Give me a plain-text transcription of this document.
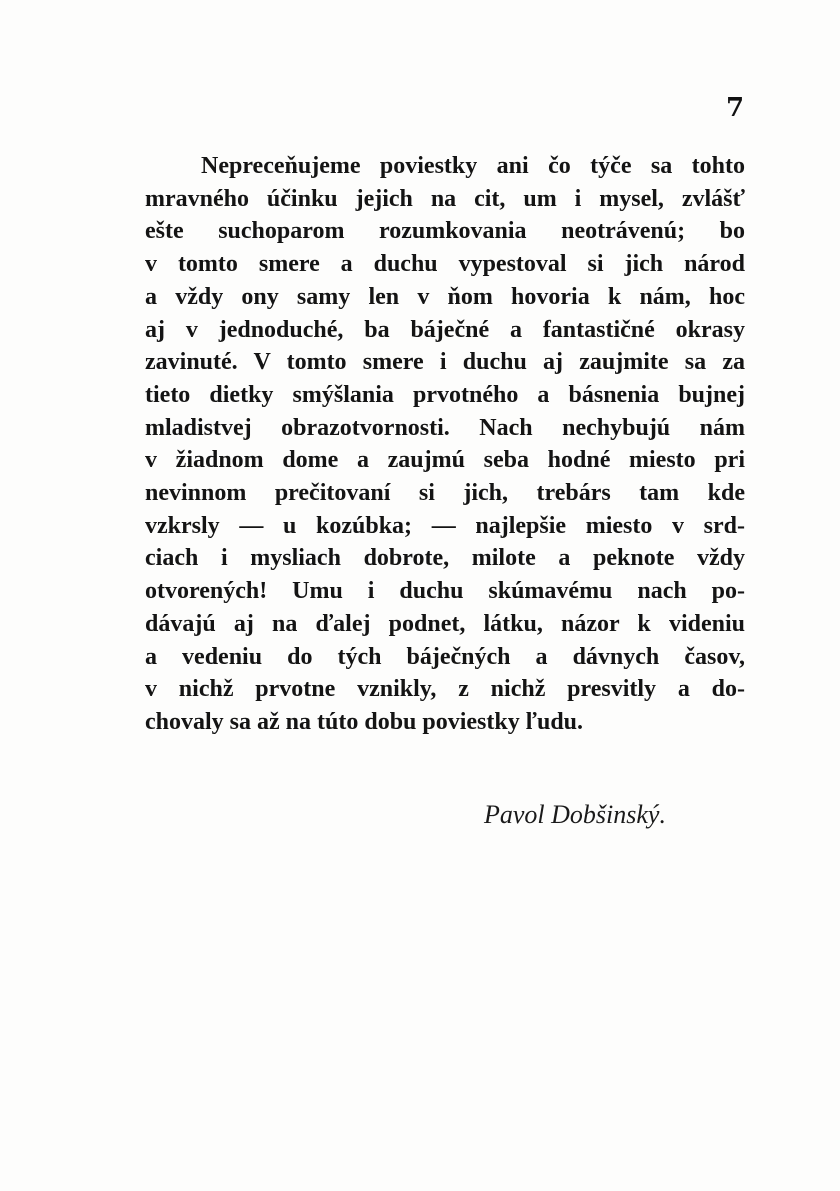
7
Nepreceňujeme poviestky ani čo týče sa tohto
mravného účinku jejich na cit, um i mysel, zvlášť
ešte suchoparom rozumkovania neotrávenú; bo
v tomto smere a duchu vypestoval si jich národ
a vždy ony samy len v ňom hovoria k nám, hoc
aj v jednoduché, ba báječné a fantastičné okrasy
zavinuté. V tomto smere i duchu aj zaujmite sa za
tieto dietky smýšlania prvotného a básnenia bujnej
mladistvej obrazotvornosti. Nach nechybujú nám
v žiadnom dome a zaujmú seba hodné miesto pri
nevinnom prečitovaní si jich, trebárs tam kde
vzkrsly — u kozúbka; — najlepšie miesto v srd-
ciach i mysliach dobrote, milote a peknote vždy
otvorených! Umu i duchu skúmavému nach po-
dávajú aj na ďalej podnet, látku, názor k videniu
a vedeniu do tých báječných a dávnych časov,
v nichž prvotne vznikly, z nichž presvitly a do-
chovaly sa až na túto dobu poviestky ľudu.
Pavol Dobšinský.
